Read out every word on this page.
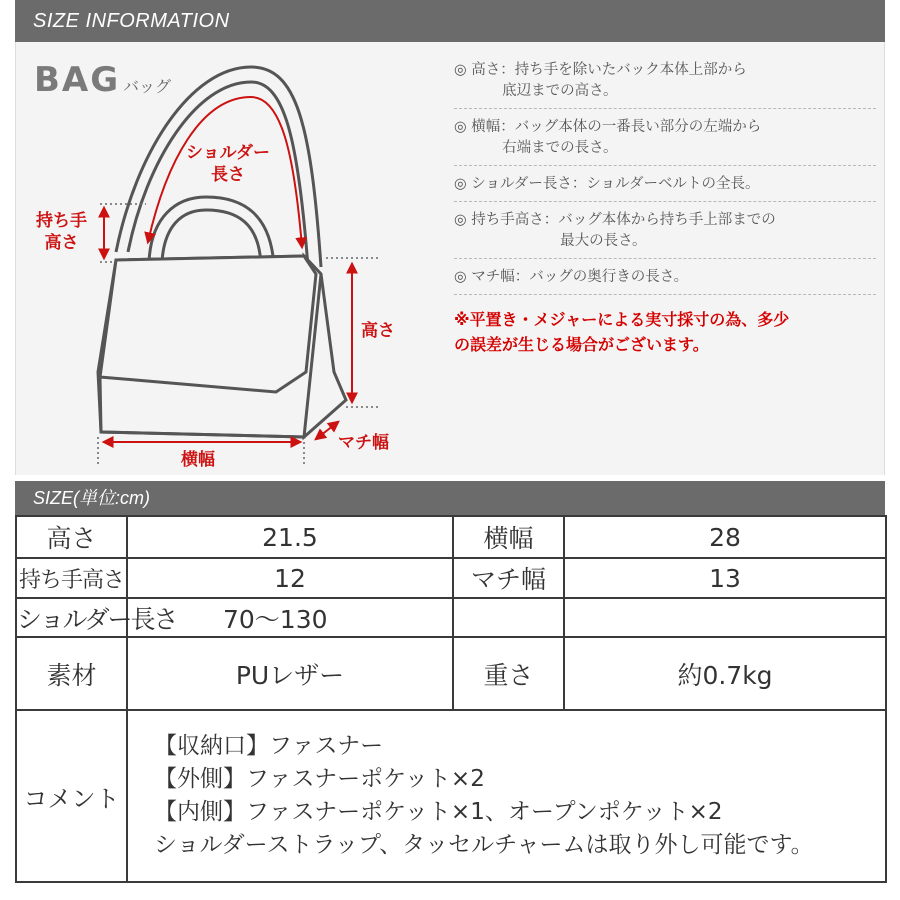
SIZE INFORMATION
BAG バッグ
ショルダー
長さ
持ち手
高さ
高さ
横幅
マチ幅
◎ 高さ：持ち手を除いたバック本体上部から
　　　 底辺までの高さ。
◎ 横幅：バッグ本体の一番長い部分の左端から
　　　 右端までの長さ。
◎ ショルダー長さ：ショルダーベルトの全長。
◎ 持ち手高さ：バッグ本体から持ち手上部までの
　　　　　　　 最大の長さ。
◎ マチ幅：バッグの奥行きの長さ。
※平置き・メジャーによる実寸採寸の為、多少
の誤差が生じる場合がございます。
SIZE(単位:cm)
高さ	21.5	横幅	28
持ち手高さ	12	マチ幅	13
ショルダー長さ	70〜130		
素材	PUレザー	重さ	約0.7kg
コメント	【収納口】ファスナー
【外側】ファスナーポケット×2
【内側】ファスナーポケット×1、オープンポケット×2
ショルダーストラップ、タッセルチャームは取り外し可能です。		
